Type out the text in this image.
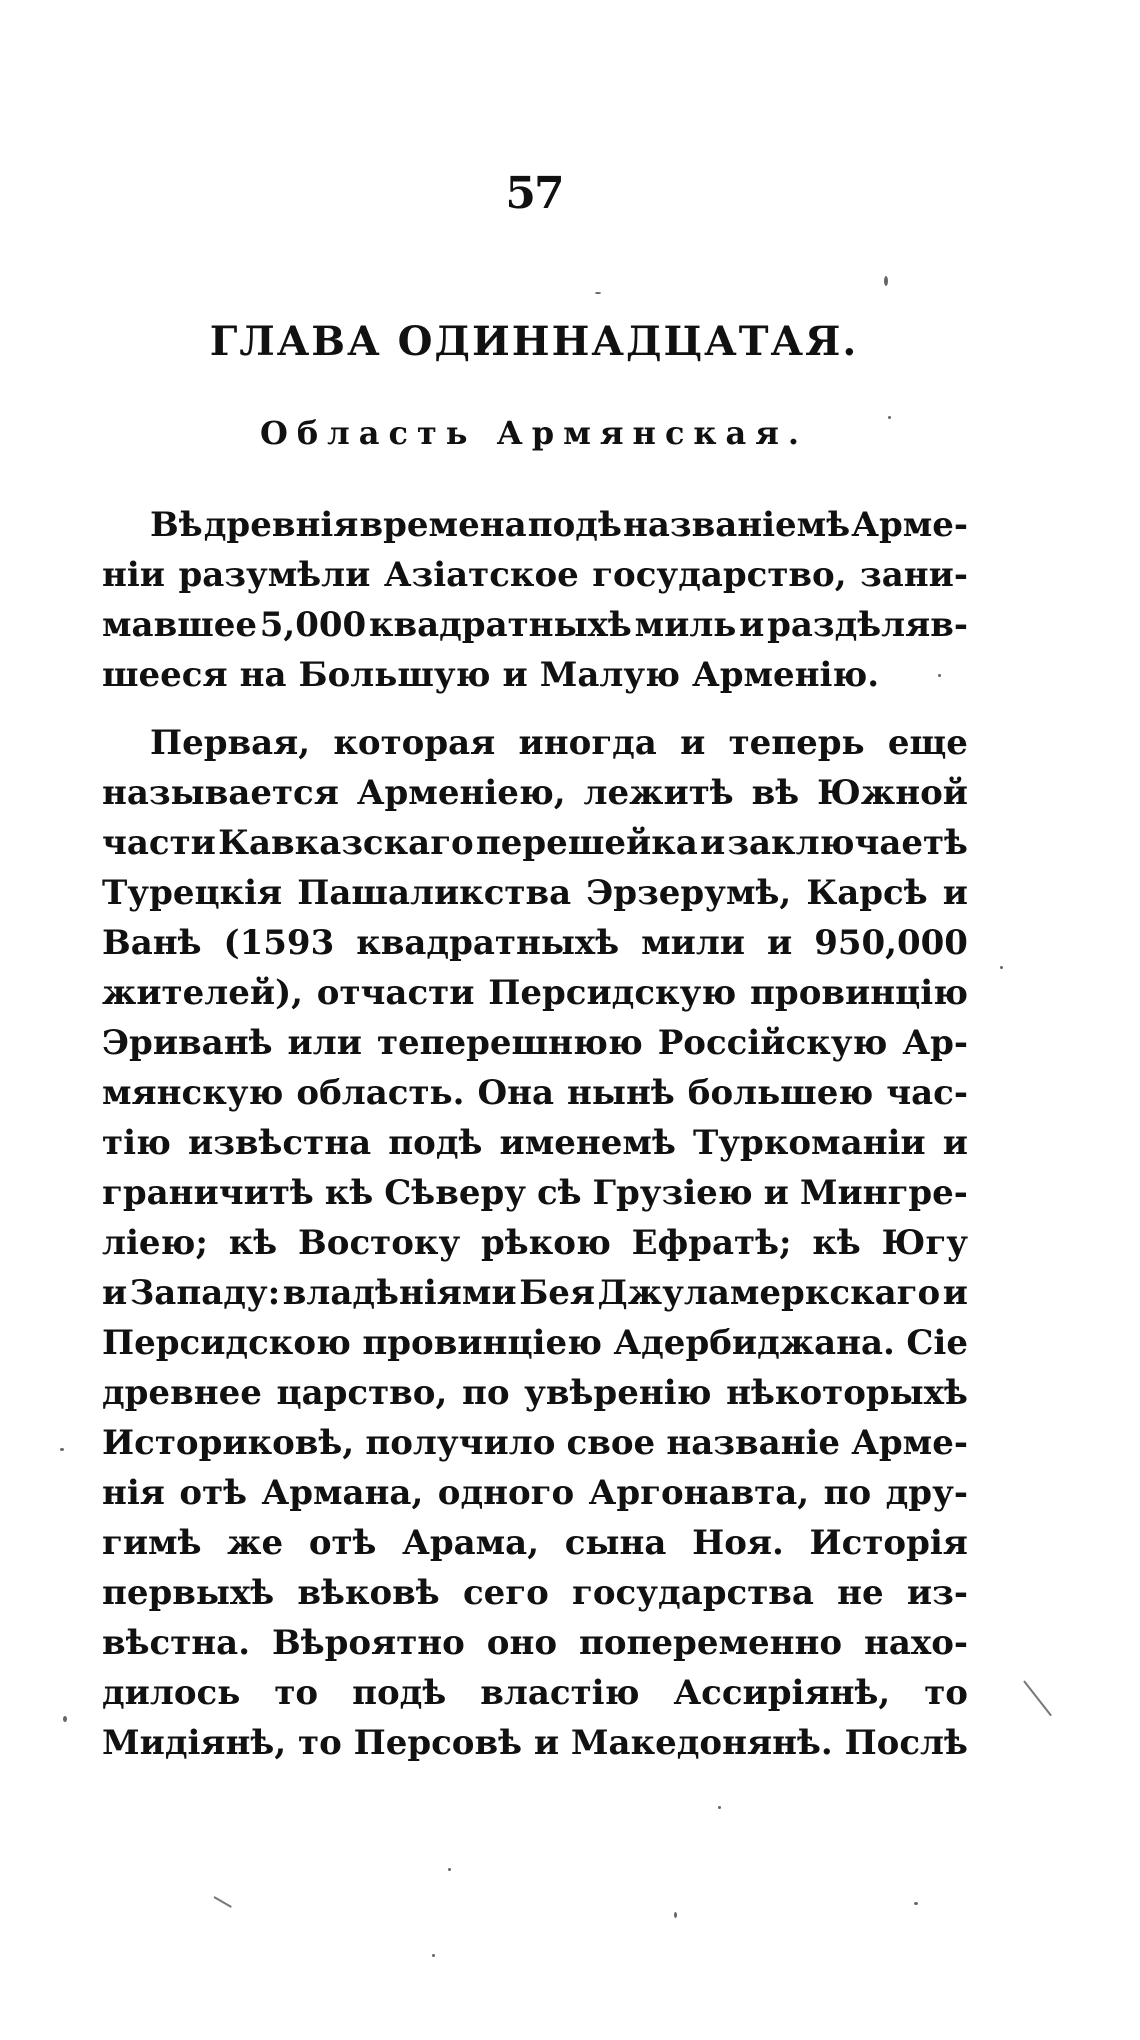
57
ГЛАВА ОДИННАДЦАТАЯ.
Область Армянская.
Вѣ древнія времена подѣ названіемѣ Арме-
ніи разумѣли Азіатское государство, зани-
мавшее 5,000 квадратныхѣ миль и раздѣляв-
шееся на Большую и Малую Арменію.
Первая, которая иногда и теперь еще
называется Арменіею, лежитѣ вѣ Южной
части Кавказскаго перешейка и заключаетѣ
Турецкія Пашаликства Эрзерумѣ, Карсѣ и
Ванѣ (1593 квадратныхѣ мили и 950,000
жителей), отчасти Персидскую провинцію
Эриванѣ или теперешнюю Россійскую Ар-
мянскую область. Она нынѣ большею час-
тію извѣстна подѣ именемѣ Туркоманіи и
граничитѣ кѣ Сѣверу сѣ Грузіею и Мингре-
ліею; кѣ Востоку рѣкою Ефратѣ; кѣ Югу
и Западу: владѣніями Бея Джуламеркскаго и
Персидскою провинціею Адербиджана. Сіе
древнее царство, по увѣренію нѣкоторыхѣ
Историковѣ, получило свое названіе Арме-
нія отѣ Армана, одного Аргонавта, по дру-
гимѣ же отѣ Арама, сына Ноя. Исторія
первыхѣ вѣковѣ сего государства не из-
вѣстна. Вѣроятно оно попеременно нахо-
дилось то подѣ властію Ассиріянѣ, то
Мидіянѣ, то Персовѣ и Македонянѣ. Послѣ
